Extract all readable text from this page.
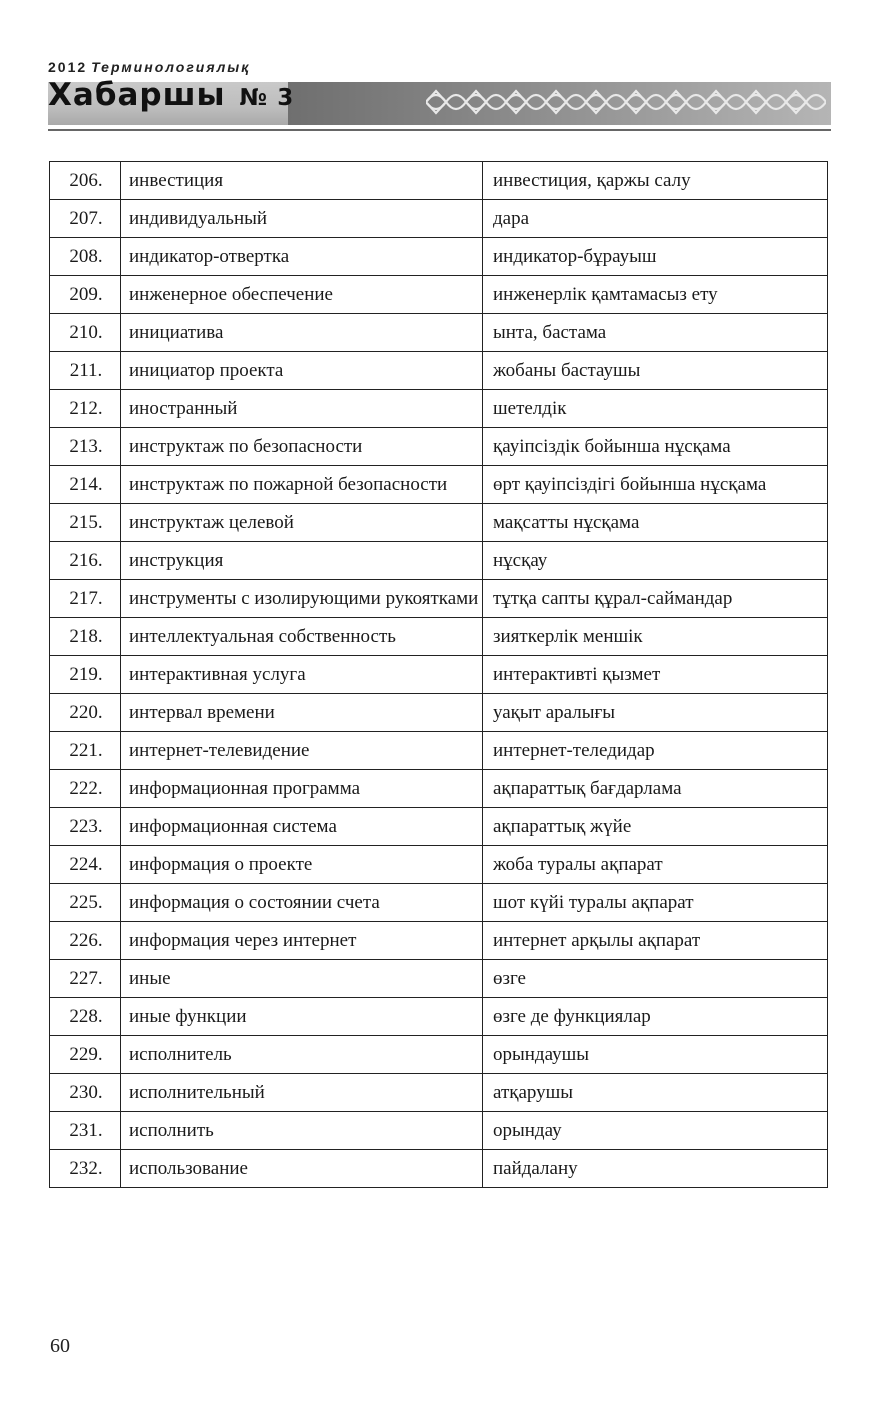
2012 Терминологиялық
Хабаршы № 3
206.	инвестиция	инвестиция, қаржы салу
207.	индивидуальный	дара
208.	индикатор-отвертка	индикатор-бұрауыш
209.	инженерное обеспечение	инженерлік қамтамасыз ету
210.	инициатива	ынта, бастама
211.	инициатор проекта	жобаны бастаушы
212.	иностранный	шетелдік
213.	инструктаж по безопасности	қауіпсіздік бойынша нұсқама
214.	инструктаж по пожарной безопасности	өрт қауіпсіздігі бойынша нұсқама
215.	инструктаж целевой	мақсатты нұсқама
216.	инструкция	нұсқау
217.	инструменты с изолирующими рукоятками	тұтқа сапты құрал-саймандар
218.	интеллектуальная собственность	зияткерлік меншік
219.	интерактивная услуга	интерактивті қызмет
220.	интервал времени	уақыт аралығы
221.	интернет-телевидение	интернет-теледидар
222.	информационная программа	ақпараттық бағдарлама
223.	информационная система	ақпараттық жүйе
224.	информация о проекте	жоба туралы ақпарат
225.	информация о состоянии счета	шот күйі туралы ақпарат
226.	информация через интернет	интернет арқылы ақпарат
227.	иные	өзге
228.	иные функции	өзге де функциялар
229.	исполнитель	орындаушы
230.	исполнительный	атқарушы
231.	исполнить	орындау
232.	использование	пайдалану
60
